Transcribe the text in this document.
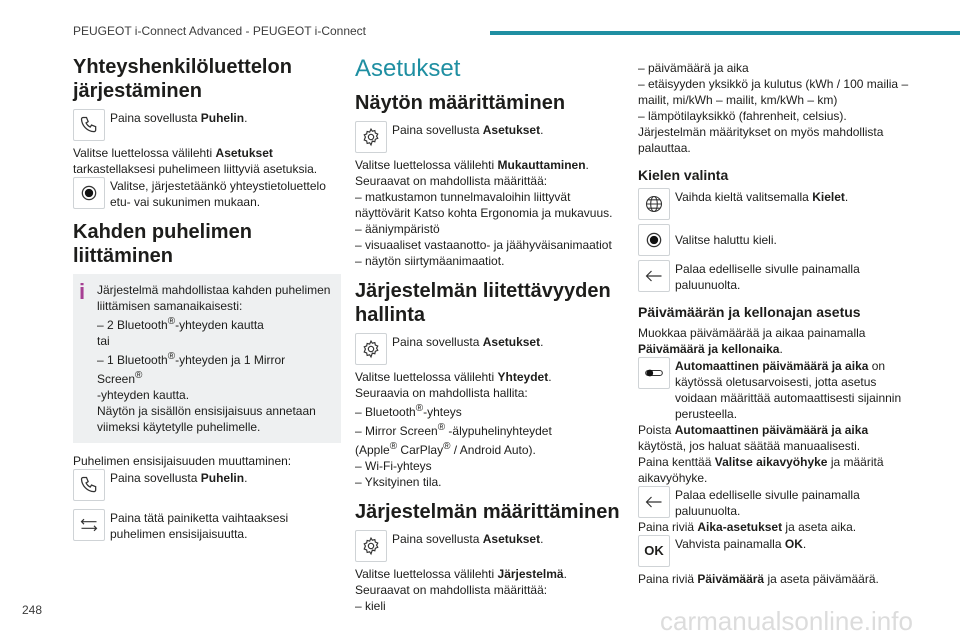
PEUGEOT i-Connect Advanced - PEUGEOT i-Connect
Yhteyshenkilöluettelon järjestäminen
Paina sovellusta Puhelin.

Valitse luettelossa välilehti Asetukset
tarkastellaksesi puhelimeen liittyviä asetuksia.

Valitse, järjestetäänkö yhteystietoluettelo etu- vai sukunimen mukaan.
Kahden puhelimen liittäminen
i Järjestelmä mahdollistaa kahden puhelimen liittämisen samanaikaisesti:

– 2 Bluetooth®-yhteyden kautta

tai

– 1 Bluetooth®-yhteyden ja 1 Mirror Screen®

-yhteyden kautta.

Näytön ja sisällön ensisijaisuus annetaan viimeksi käytetylle puhelimelle.

Puhelimen ensisijaisuuden muuttaminen:

Paina sovellusta Puhelin.
Paina tätä painiketta vaihtaaksesi puhelimen ensisijaisuutta.
Asetukset
Näytön määrittäminen
Paina sovellusta Asetukset.

Valitse luettelossa välilehti Mukauttaminen.

Seuraavat on mahdollista määrittää:

– matkustamon tunnelmavaloihin liittyvät näyttövärit Katso kohta Ergonomia ja mukavuus.

– ääniympäristö

– visuaaliset vastaanotto- ja jäähyväisanimaatiot

– näytön siirtymäanimaatiot.

Järjestelmän liitettävyyden hallinta
Paina sovellusta Asetukset.

Valitse luettelossa välilehti Yhteydet.

Seuraavia on mahdollista hallita:

– Bluetooth®-yhteys

– Mirror Screen® -älypuhelinyhteydet

(Apple® CarPlay® / Android Auto).

– Wi-Fi-yhteys

– Yksityinen tila.

Järjestelmän määrittäminen
Paina sovellusta Asetukset.

Valitse luettelossa välilehti Järjestelmä.

Seuraavat on mahdollista määrittää:

– kieli

– päivämäärä ja aika

– etäisyyden yksikkö ja kulutus (kWh / 100 mailia – mailit, mi/kWh – mailit, km/kWh – km)

– lämpötilayksikkö (fahrenheit, celsius).

Järjestelmän määritykset on myös mahdollista palauttaa.

Kielen valinta
Vaihda kieltä valitsemalla Kielet.
Valitse haluttu kieli.
Palaa edelliselle sivulle painamalla paluunuolta.
Päivämäärän ja kellonajan asetus

Muokkaa päivämäärää ja aikaa painamalla

Päivämäärä ja kellonaika.

Automaattinen päivämäärä ja aika on käytössä oletusarvoisesti, jotta asetus voidaan määrittää automaattisesti sijainnin perusteella.

Poista Automaattinen päivämäärä ja aika käytöstä, jos haluat säätää manuaalisesti.

Paina kenttää Valitse aikavyöhyke ja määritä aikavyöhyke.

Palaa edelliselle sivulle painamalla paluunuolta.

Paina riviä Aika-asetukset ja aseta aika.

OK Vahvista painamalla OK.

Paina riviä Päivämäärä ja aseta päivämäärä.

248	carmanualsonline.info
